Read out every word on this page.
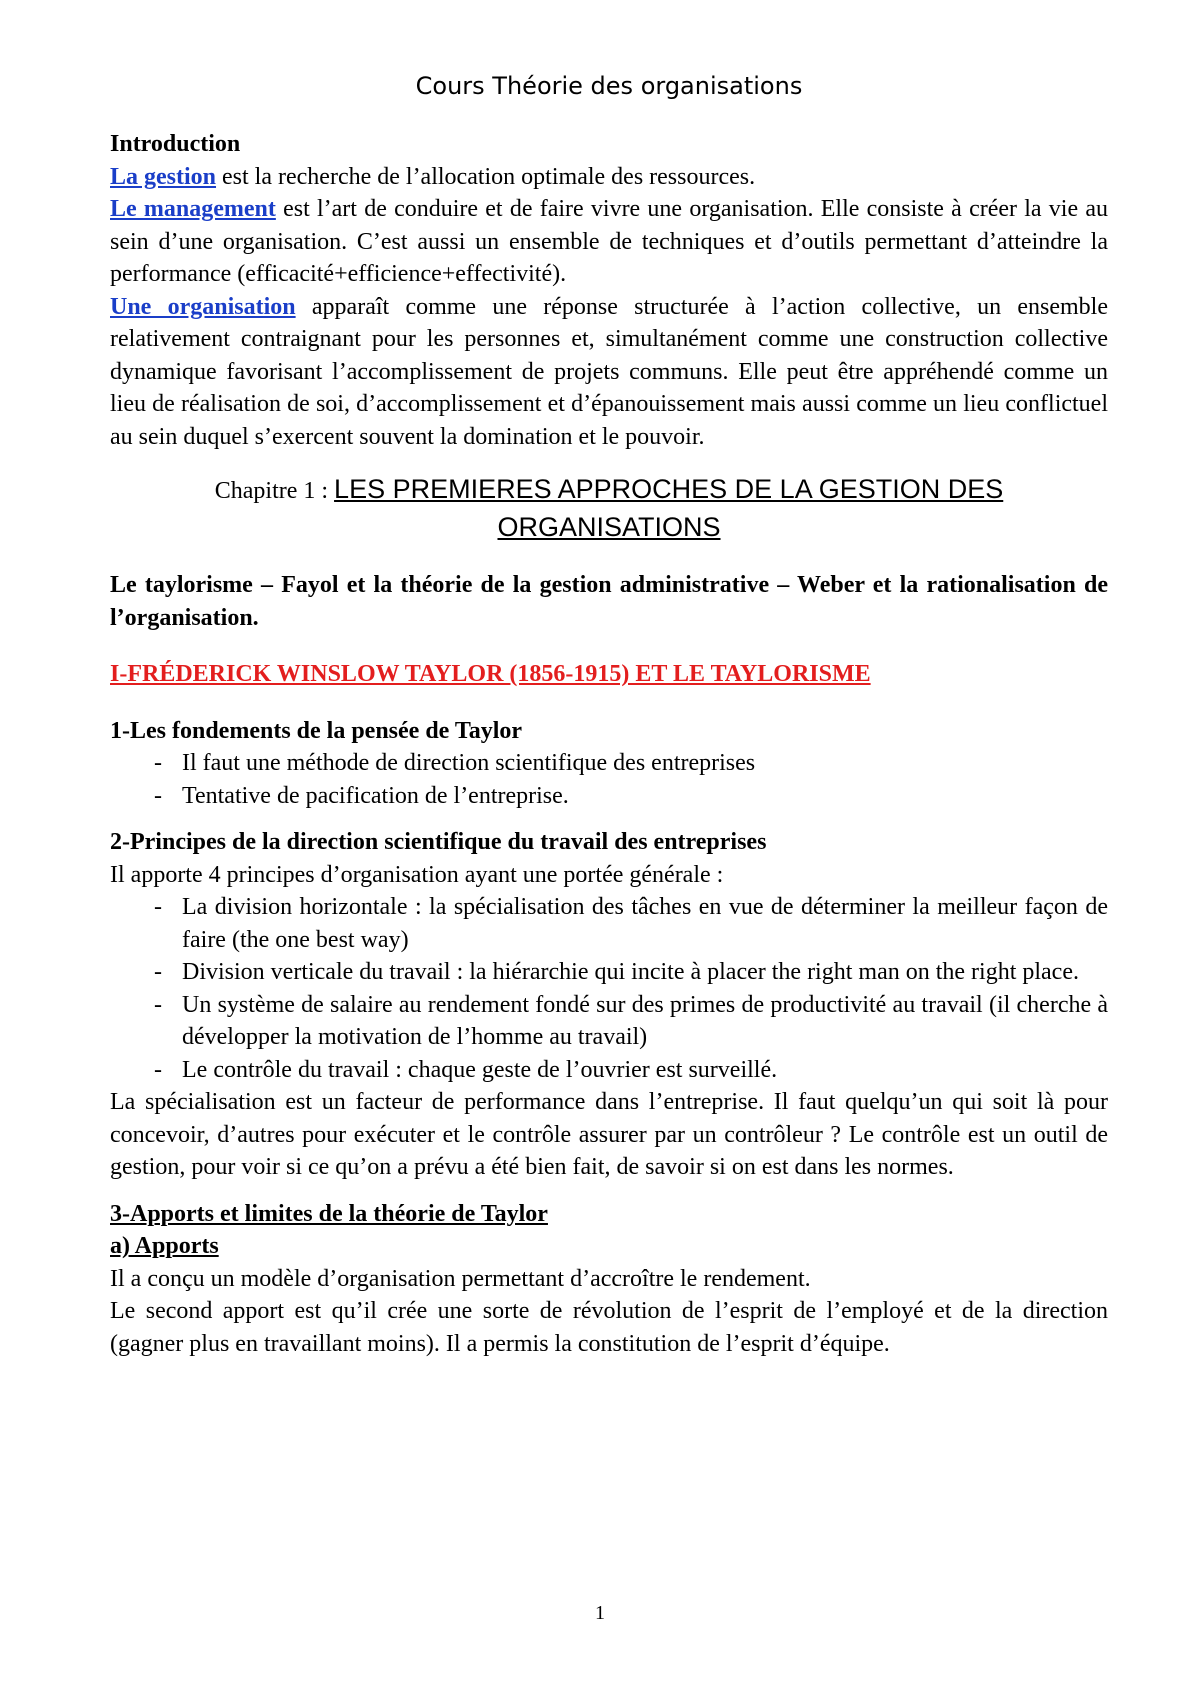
Cours Théorie des organisations

Introduction

La gestion est la recherche de l’allocation optimale des ressources.

Le management est l’art de conduire et de faire vivre une organisation. Elle consiste à créer la vie au sein d’une organisation. C’est aussi un ensemble de techniques et d’outils permettant d’atteindre la performance (efficacité+efficience+effectivité).

Une organisation apparaît comme une réponse structurée à l’action collective, un ensemble relativement contraignant pour les personnes et, simultanément comme une construction collective dynamique favorisant l’accomplissement de projets communs. Elle peut être appréhendé comme un lieu de réalisation de soi, d’accomplissement et d’épanouissement mais aussi comme un lieu conflictuel au sein duquel s’exercent souvent la domination et le pouvoir.

Chapitre 1 : LES PREMIERES APPROCHES DE LA GESTION DES ORGANISATIONS

Le taylorisme – Fayol et la théorie de la gestion administrative – Weber et la rationalisation de l’organisation.

I-FRÉDERICK WINSLOW TAYLOR (1856-1915) ET LE TAYLORISME

1-Les fondements de la pensée de Taylor

- Il faut une méthode de direction scientifique des entreprises
- Tentative de pacification de l’entreprise.

2-Principes de la direction scientifique du travail des entreprises

Il apporte 4 principes d’organisation ayant une portée générale :

- La division horizontale : la spécialisation des tâches en vue de déterminer la meilleur façon de faire (the one best way)
- Division verticale du travail : la hiérarchie qui incite à placer the right man on the right place.
- Un système de salaire au rendement fondé sur des primes de productivité au travail (il cherche à développer la motivation de l’homme au travail)
- Le contrôle du travail : chaque geste de l’ouvrier est surveillé.

La spécialisation est un facteur de performance dans l’entreprise. Il faut quelqu’un qui soit là pour concevoir, d’autres pour exécuter et le contrôle assurer par un contrôleur ? Le contrôle est un outil de gestion, pour voir si ce qu’on a prévu a été bien fait, de savoir si on est dans les normes.

3-Apports et limites de la théorie de Taylor

a) Apports

Il a conçu un modèle d’organisation permettant d’accroître le rendement.

Le second apport est qu’il crée une sorte de révolution de l’esprit de l’employé et de la direction (gagner plus en travaillant moins). Il a permis la constitution de l’esprit d’équipe.

1
